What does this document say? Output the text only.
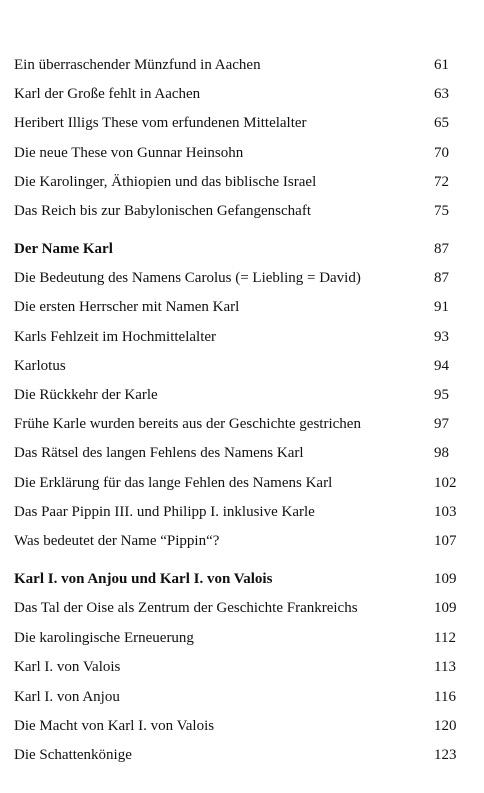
Ein überraschender Münzfund in Aachen	61
Karl der Große fehlt in Aachen	63
Heribert Illigs These vom erfundenen Mittelalter	65
Die neue These von Gunnar Heinsohn	70
Die Karolinger, Äthiopien und das biblische Israel	72
Das Reich bis zur Babylonischen Gefangenschaft	75
Der Name Karl	87
Die Bedeutung des Namens Carolus (= Liebling = David)	87
Die ersten Herrscher mit Namen Karl	91
Karls Fehlzeit im Hochmittelalter	93
Karlotus	94
Die Rückkehr der Karle	95
Frühe Karle wurden bereits aus der Geschichte gestrichen	97
Das Rätsel des langen Fehlens des Namens Karl	98
Die Erklärung für das lange Fehlen des Namens Karl	102
Das Paar Pippin III. und Philipp I. inklusive Karle	103
Was bedeutet der Name “Pippin“?	107
Karl I. von Anjou und Karl I. von Valois	109
Das Tal der Oise als Zentrum der Geschichte Frankreichs	109
Die karolingische Erneuerung	112
Karl I. von Valois	113
Karl I. von Anjou	116
Die Macht von Karl I. von Valois	120
Die Schattenkönige	123
